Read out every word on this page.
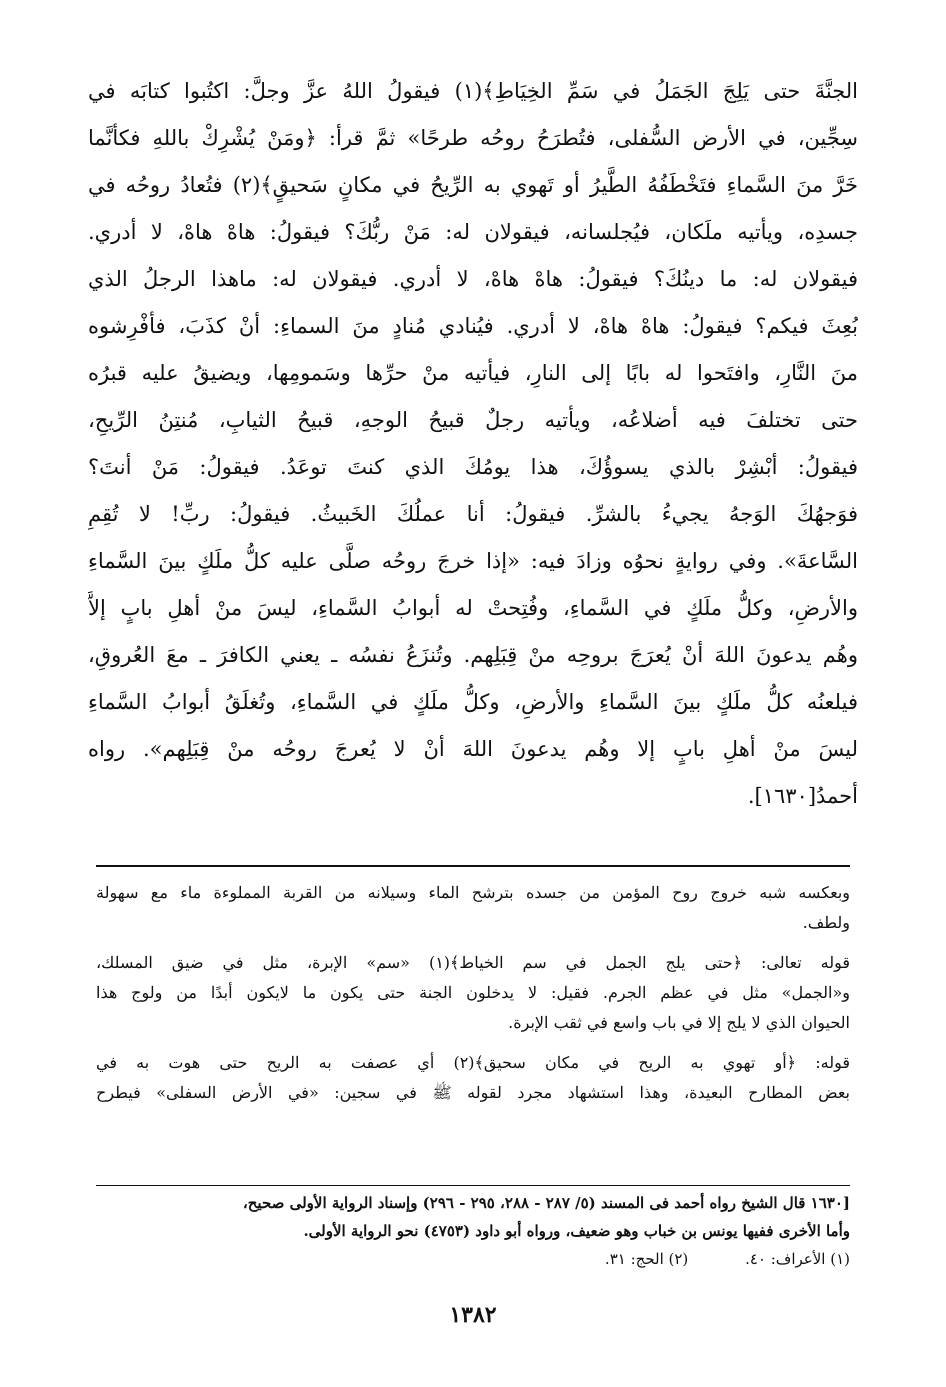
الجنَّةَ حتى يَلِجَ الجَمَلُ في سَمِّ الخِيَاطِ﴾(١) فيقولُ اللهُ عزَّ وجلَّ: اكتُبوا كتابَه في
سِجِّين، في الأرض السُّفلى، فتُطرَحُ روحُه طرحًا» ثمَّ قرأ: ﴿ومَنْ يُشْرِكْ باللهِ فكأنَّما
خَرَّ منَ السَّماءِ فتَخْطَفُهُ الطَّيرُ أو تَهوي به الرِّيحُ في مكانٍ سَحيقٍ﴾(٢) فتُعادُ روحُه في
جسدِه، ويأتيه ملَكان، فيُجلسانه، فيقولان له: مَنْ ربُّكَ؟ فيقولُ: هاهْ هاهْ، لا أدري.
فيقولان له: ما دينُكَ؟ فيقولُ: هاهْ هاهْ، لا أدري. فيقولان له: ماهذا الرجلُ الذي
بُعِثَ فيكم؟ فيقولُ: هاهْ هاهْ، لا أدري. فيُنادي مُنادٍ منَ السماءِ: أنْ كذَبَ، فأفْرِشوه
منَ النَّارِ، وافتَحوا له بابًا إلى النارِ، فيأتيه منْ حرِّها وسَمومِها، ويضيقُ عليه قبرُه
حتى تختلفَ فيه أضلاعُه، ويأتيه رجلٌ قبيحُ الوجهِ، قبيحُ الثيابِ، مُنتِنُ الرِّيحِ،
فيقولُ: أبْشِرْ بالذي يسوؤُكَ، هذا يومُكَ الذي كنتَ توعَدُ. فيقولُ: مَنْ أنتَ؟
فوَجهُكَ الوَجهُ يجيءُ بالشرِّ. فيقولُ: أنا عملُكَ الخَبيثُ. فيقولُ: ربِّ! لا تُقِمِ
السَّاعةَ». وفي روايةٍ نحوُه وزادَ فيه: «إذا خرجَ روحُه صلَّى عليه كلُّ ملَكٍ بينَ السَّماءِ
والأرضِ، وكلُّ ملَكٍ في السَّماءِ، وفُتِحتْ له أبوابُ السَّماءِ، ليسَ منْ أهلِ بابٍ إلاَّ
وهُم يدعونَ اللهَ أنْ يُعرَجَ بروحِه منْ قِبَلِهم. وتُنزَعُ نفسُه ـ يعني الكافرَ ـ معَ العُروقِ،
فيلعنُه كلُّ ملَكٍ بينَ السَّماءِ والأرضِ، وكلُّ ملَكٍ في السَّماءِ، وتُغلَقُ أبوابُ السَّماءِ
ليسَ منْ أهلِ بابٍ إلا وهُم يدعونَ اللهَ أنْ لا يُعرجَ روحُه منْ قِبَلِهم». رواه
أحمدُ[١٦٣٠].
وبعكسه شبه خروج روح المؤمن من جسده بترشح الماء وسيلانه من القربة المملوءة ماء مع سهولة
ولطف.
قوله تعالى: ﴿حتى يلج الجمل في سم الخياط﴾(١) «سم» الإبرة، مثل في ضيق المسلك،
و«الجمل» مثل في عظم الجرم. فقيل: لا يدخلون الجنة حتى يكون ما لايكون أبدًا من ولوج هذا
الحيوان الذي لا يلج إلا في باب واسع في ثقب الإبرة.
قوله: ﴿أو تهوي به الريح في مكان سحيق﴾(٢) أي عصفت به الريح حتى هوت به في
بعض المطارح البعيدة، وهذا استشهاد مجرد لقوله ﷺ في سجين: «في الأرض السفلى» فيطرح
[١٦٣٠ قال الشيخ رواه أحمد فى المسند (٥/ ٢٨٧ - ٢٨٨، ٢٩٥ - ٢٩٦) وإسناد الرواية الأولى صحيح،
وأما الأخرى ففيها يونس بن خباب وهو ضعيف، ورواه أبو داود (٤٧٥٣) نحو الرواية الأولى.
(١) الأعراف: ٤٠. (٢) الحج: ٣١.
١٣٨٢
